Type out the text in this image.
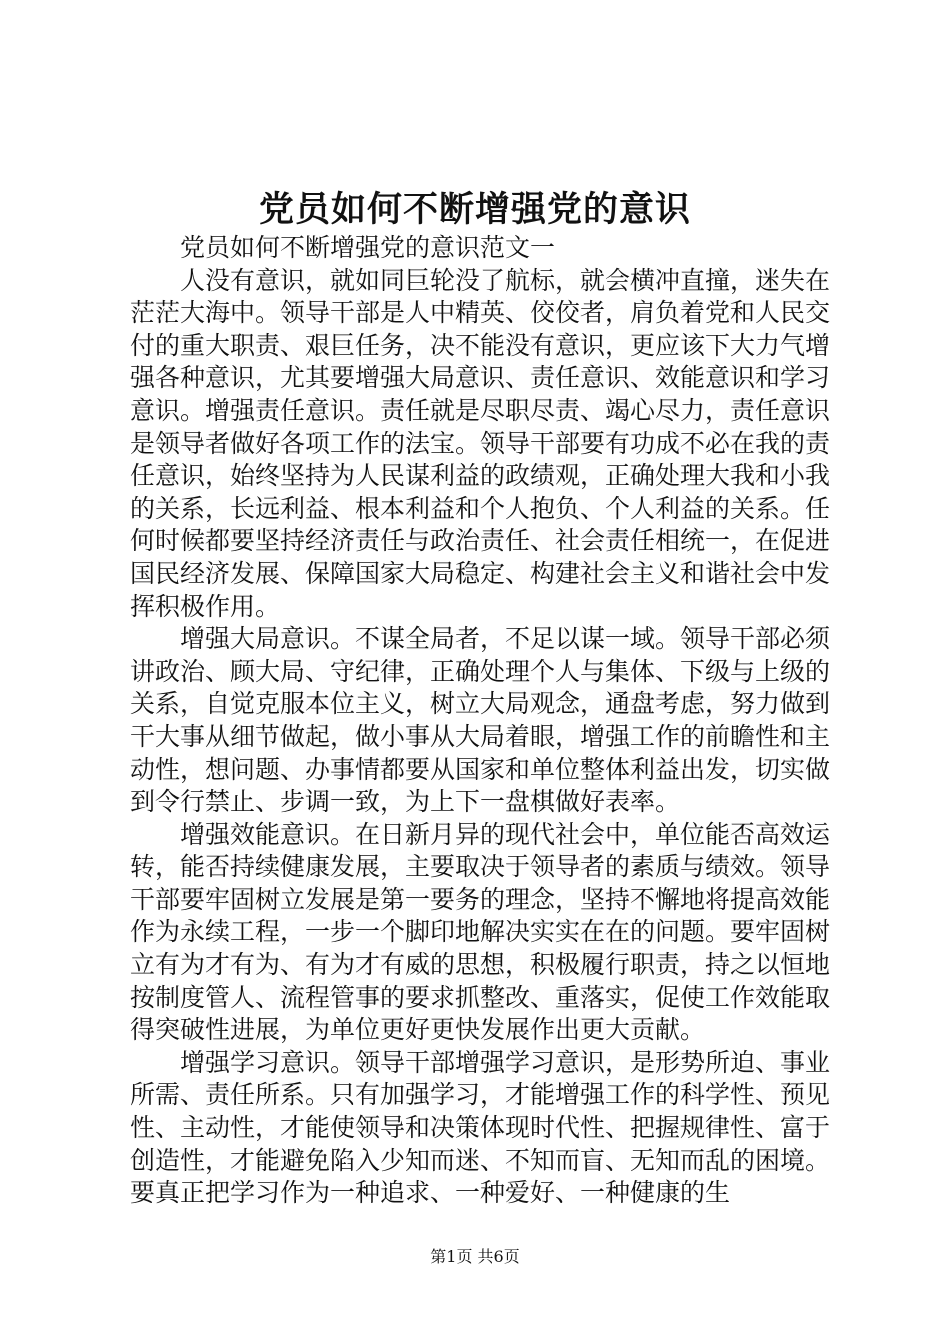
党员如何不断增强党的意识

党员如何不断增强党的意识范文一

人没有意识，就如同巨轮没了航标，就会横冲直撞，迷失在茫茫大海中。领导干部是人中精英、佼佼者，肩负着党和人民交付的重大职责、艰巨任务，决不能没有意识，更应该下大力气增强各种意识，尤其要增强大局意识、责任意识、效能意识和学习意识。增强责任意识。责任就是尽职尽责、竭心尽力，责任意识是领导者做好各项工作的法宝。领导干部要有功成不必在我的责任意识，始终坚持为人民谋利益的政绩观，正确处理大我和小我的关系，长远利益、根本利益和个人抱负、个人利益的关系。任何时候都要坚持经济责任与政治责任、社会责任相统一，在促进国民经济发展、保障国家大局稳定、构建社会主义和谐社会中发挥积极作用。

增强大局意识。不谋全局者，不足以谋一域。领导干部必须讲政治、顾大局、守纪律，正确处理个人与集体、下级与上级的关系，自觉克服本位主义，树立大局观念，通盘考虑，努力做到干大事从细节做起，做小事从大局着眼，增强工作的前瞻性和主动性，想问题、办事情都要从国家和单位整体利益出发，切实做到令行禁止、步调一致，为上下一盘棋做好表率。

增强效能意识。在日新月异的现代社会中，单位能否高效运转，能否持续健康发展，主要取决于领导者的素质与绩效。领导干部要牢固树立发展是第一要务的理念，坚持不懈地将提高效能作为永续工程，一步一个脚印地解决实实在在的问题。要牢固树立有为才有为、有为才有威的思想，积极履行职责，持之以恒地按制度管人、流程管事的要求抓整改、重落实，促使工作效能取得突破性进展，为单位更好更快发展作出更大贡献。

增强学习意识。领导干部增强学习意识，是形势所迫、事业所需、责任所系。只有加强学习，才能增强工作的科学性、预见性、主动性，才能使领导和决策体现时代性、把握规律性、富于创造性，才能避免陷入少知而迷、不知而盲、无知而乱的困境。要真正把学习作为一种追求、一种爱好、一种健康的生

第1页 共6页
